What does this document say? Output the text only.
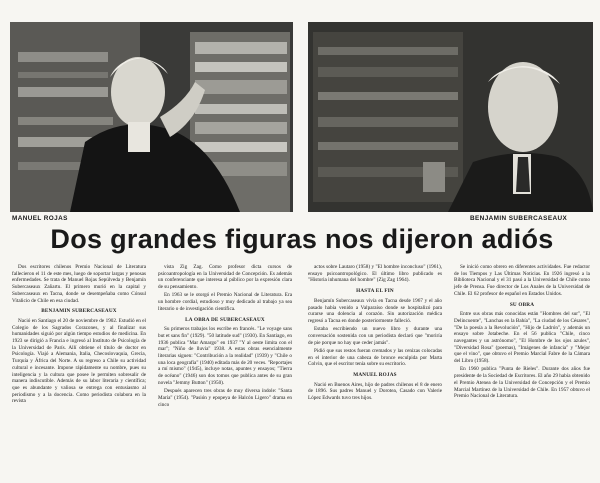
MANUEL ROJAS	BENJAMIN SUBERCASEAUX
Dos grandes figuras nos dijeron adiós

Dos escritores chilenos Premio Nacional de Literatura fallecieron el 11 de este mes, luego de soportar largas y penosas enfermedades. Se trata de Manuel Rojas Sepúlveda y Benjamín Subercaseaux Zañartu. El primero murió en la capital y Subercaseaux en Tacna, donde se desempeñaba como Cónsul Vitalicio de Chile en esa ciudad.

BENJAMIN SUBERCASEAUX

Nació en Santiago el 20 de noviembre de 1902. Estudió en el Colegio de los Sagrados Corazones, y al finalizar sus humanidades siguió por algún tiempo estudios de medicina. En 1923 se dirigió a Francia e ingresó al Instituto de Psicología de la Universidad de París. Allí obtiene el título de doctor en Psicología. Viajó a Alemania, Italia, Checoslovaquia, Grecia, Turquía y África del Norte. A su regreso a Chile su actividad cultural e incesante. Impone rápidamente su nombre, pues su inteligencia y la cultura que posee le permiten sobresalir de manera indiscutible. Además de su labor literaria y científica; que es abundante y valiosa se entrega con entusiasmo al periodismo y a la docencia. Como periodista colabora en la revista

vista Zig Zag. Como profesor dicta cursos de psicoantropología en la Universidad de Concepción. Es además un conferenciante que interesa al público por la expresión clara de su pensamiento.

En 1963 se le otorgó el Premio Nacional de Literatura. Era un hombre cordial, estudioso y muy dedicado al trabajo ya sea literario o de investigación científica.

LA OBRA DE SUBERCASEAUX

Su primeros trabajos los escribe en francés. "Le voyage sans but et sans fin" (1929). "50 latitude sud" (1930). En Santiago, en 1936 publica "Mar Amargo" en 1937 "Y al oeste limita con el mar"; "Niño de lluvia" 1938. A estas obras esencialmente literarias siguen: "Contribución a la realidad" (1939) y "Chile o una loca geografía" (1940) editada más de 20 veces. "Reportajes a mí mismo" (1945), incluye notas, apuntes y ensayos; "Tierra de océano" (1946) son dos tomos que publica antes de su gran novela "Jemmy Button" (1950).

Después aparecen tres obras de muy diversa índole: "Santa María" (1954). "Pasión y epopeya de Halcón Ligero" drama en cinco

actos sobre Lautaro (1958) y "El hombre inconcluso" (1961), ensayo psicoantropológico. El último libro publicado es "Historia inhumana del hombre" (Zig Zag 1964).

HASTA EL FIN

Benjamín Subercaseaux vivía en Tacna desde 1967 y el año pasado había venido a Valparaíso donde se hospitalizó para curarse una dolencia al corazón. Sin autorización médica regresó a Tacna en donde posteriormente falleció.

Estaba escribiendo un nuevo libro y durante una conversación sostenida con un periodista declaró que "moriría de pie porque no hay que ceder jamás".

Pidió que sus restos fueran cremados y las cenizas colocadas en el interior de una cabeza de bronce esculpida por Marta Colvin, que el escritor tenía sobre su escritorio.

MANUEL ROJAS

Nació en Buenos Aires, hijo de padres chilenos el 8 de enero de 1896. Sus padres Manuel y Dorotea, Casado con Valerie López Edwards tuvo tres hijos.

Se inició como obrero en diferentes actividades. Fue redactor de los Tiempos y Las Últimas Noticias. En 1926 ingresó a la Biblioteca Nacional y el 31 pasó a la Universidad de Chile como jefe de Prensa. Fue director de Los Anales de la Universidad de Chile. El 62 profesor de español en Estados Unidos.

SU OBRA

Entre sus obras más conocidas están "Hombres del sur", "El Delincuente", "Lanchas en la Bahía", "La ciudad de los Césares", "De la poesía a la Revolución", "Hijo de Ladrón", y además un ensayo sobre Jotabeche. En el 56 publica "Chile, cinco navegantes y un astrónomo", "El Hombre de los ojos azules", "Diversidad Rosa" (poemas), "Imágenes de infancia" y "Mejor que el vino", que obtuvo el Premio Marcial Fabre de la Cámara del Libro (1958).

En 1960 publica "Punta de Rieles". Durante dos años fue presidente de la Sociedad de Escritores. El año 29 había obtenido el Premio Atenea de la Universidad de Concepción y el Premio Marcial Martínez de la Universidad de Chile. En 1957 obtuvo el Premio Nacional de Literatura.
